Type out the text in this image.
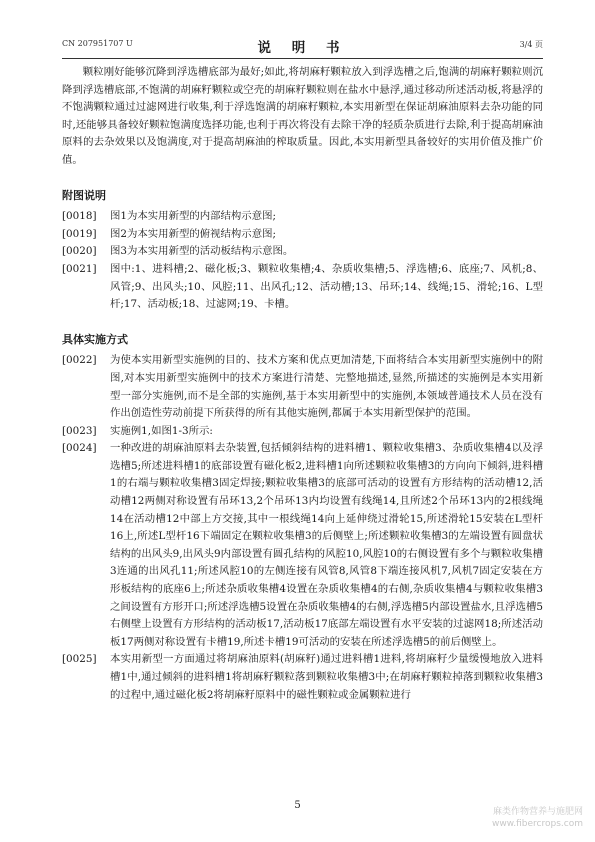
CN 207951707 U	说 明 书	3/4 页

颗粒刚好能够沉降到浮选槽底部为最好;如此,将胡麻籽颗粒放入到浮选槽之后,饱满的胡麻籽颗粒则沉降到浮选槽底部,不饱满的胡麻籽颗粒或空壳的胡麻籽颗粒则在盐水中悬浮,通过移动所述活动板,将悬浮的不饱满颗粒通过过滤网进行收集,利于浮选饱满的胡麻籽颗粒,本实用新型在保证胡麻油原料去杂功能的同时,还能够具备较好颗粒饱满度选择功能,也利于再次将没有去除干净的轻质杂质进行去除,利于提高胡麻油原料的去杂效果以及饱满度,对于提高胡麻油的榨取质量。因此,本实用新型具备较好的实用价值及推广价值。

附图说明

[0018]	图1为本实用新型的内部结构示意图;
[0019]	图2为本实用新型的俯视结构示意图;
[0020]	图3为本实用新型的活动板结构示意图。
[0021]	图中:1、进料槽;2、磁化板;3、颗粒收集槽;4、杂质收集槽;5、浮选槽;6、底座;7、风机;8、风管;9、出风头;10、风腔;11、出风孔;12、活动槽;13、吊环;14、线绳;15、滑轮;16、L型杆;17、活动板;18、过滤网;19、卡槽。

具体实施方式

[0022]	为使本实用新型实施例的目的、技术方案和优点更加清楚,下面将结合本实用新型实施例中的附图,对本实用新型实施例中的技术方案进行清楚、完整地描述,显然,所描述的实施例是本实用新型一部分实施例,而不是全部的实施例,基于本实用新型中的实施例,本领域普通技术人员在没有作出创造性劳动前提下所获得的所有其他实施例,都属于本实用新型保护的范围。
[0023]	实施例1,如图1-3所示:
[0024]	一种改进的胡麻油原料去杂装置,包括倾斜结构的进料槽1、颗粒收集槽3、杂质收集槽4以及浮选槽5;所述进料槽1的底部设置有磁化板2,进料槽1向所述颗粒收集槽3的方向向下倾斜,进料槽1的右端与颗粒收集槽3固定焊接;颗粒收集槽3的底部可活动的设置有方形结构的活动槽12,活动槽12两侧对称设置有吊环13,2个吊环13内均设置有线绳14,且所述2个吊环13内的2根线绳14在活动槽12中部上方交接,其中一根线绳14向上延伸绕过滑轮15,所述滑轮15安装在L型杆16上,所述L型杆16下端固定在颗粒收集槽3的后侧壁上;所述颗粒收集槽3的左端设置有圆盘状结构的出风头9,出风头9内部设置有圆孔结构的风腔10,风腔10的右侧设置有多个与颗粒收集槽3连通的出风孔11;所述风腔10的左侧连接有风管8,风管8下端连接风机7,风机7固定安装在方形板结构的底座6上;所述杂质收集槽4设置在杂质收集槽4的右侧,杂质收集槽4与颗粒收集槽3之间设置有方形开口;所述浮选槽5设置在杂质收集槽4的右侧,浮选槽5内部设置盐水,且浮选槽5右侧壁上设置有方形结构的活动板17,活动板17底部左端设置有水平安装的过滤网18;所述活动板17两侧对称设置有卡槽19,所述卡槽19可活动的安装在所述浮选槽5的前后侧壁上。
[0025]	本实用新型一方面通过将胡麻油原料(胡麻籽)通过进料槽1进料,将胡麻籽少量缓慢地放入进料槽1中,通过倾斜的进料槽1将胡麻籽颗粒落到颗粒收集槽3中;在胡麻籽颗粒掉落到颗粒收集槽3的过程中,通过磁化板2将胡麻籽原料中的磁性颗粒或金属颗粒进行
5
麻类作物营养与施肥网
www.fibercrops.com
